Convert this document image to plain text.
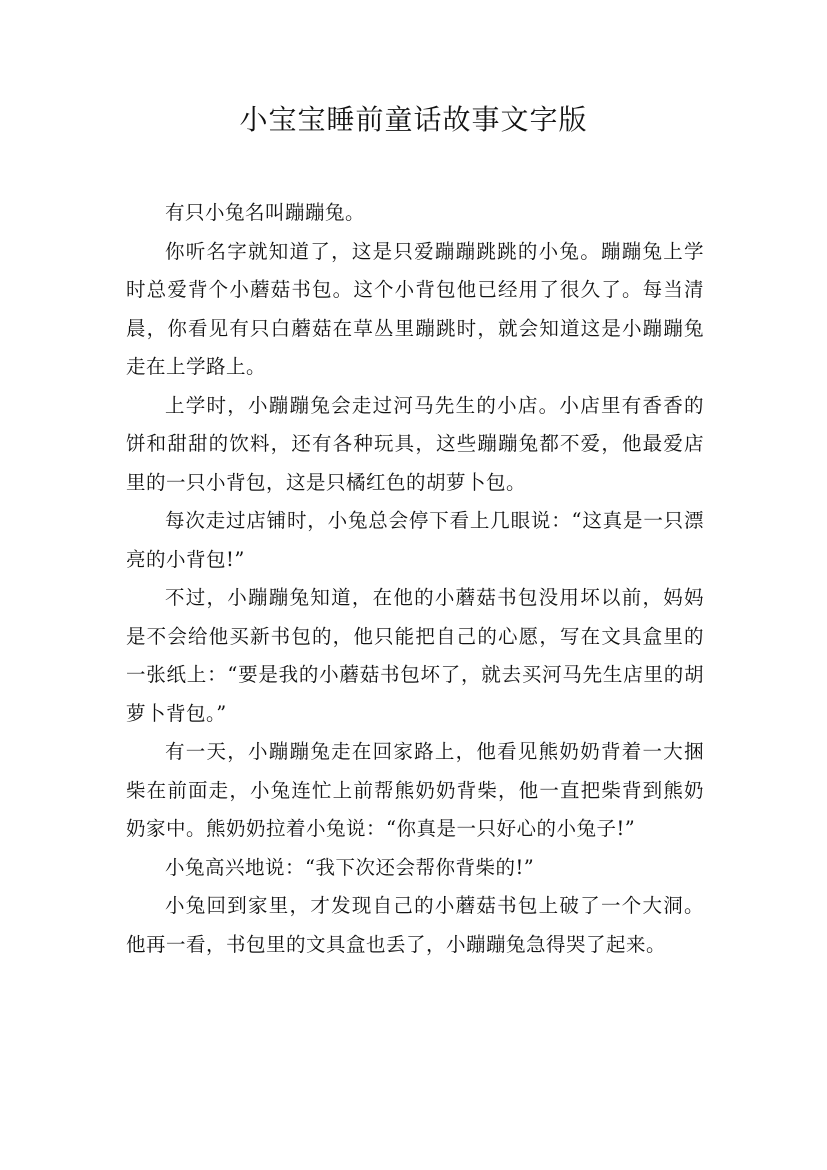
小宝宝睡前童话故事文字版

有只小兔名叫蹦蹦兔。

你听名字就知道了，这是只爱蹦蹦跳跳的小兔。蹦蹦兔上学时总爱背个小蘑菇书包。这个小背包他已经用了很久了。每当清晨，你看见有只白蘑菇在草丛里蹦跳时，就会知道这是小蹦蹦兔走在上学路上。

上学时，小蹦蹦兔会走过河马先生的小店。小店里有香香的饼和甜甜的饮料，还有各种玩具，这些蹦蹦兔都不爱，他最爱店里的一只小背包，这是只橘红色的胡萝卜包。

每次走过店铺时，小兔总会停下看上几眼说：“这真是一只漂亮的小背包!”

不过，小蹦蹦兔知道，在他的小蘑菇书包没用坏以前，妈妈是不会给他买新书包的，他只能把自己的心愿，写在文具盒里的一张纸上：“要是我的小蘑菇书包坏了，就去买河马先生店里的胡萝卜背包。”

有一天，小蹦蹦兔走在回家路上，他看见熊奶奶背着一大捆柴在前面走，小兔连忙上前帮熊奶奶背柴，他一直把柴背到熊奶奶家中。熊奶奶拉着小兔说：“你真是一只好心的小兔子!”

小兔高兴地说：“我下次还会帮你背柴的!”

小兔回到家里，才发现自己的小蘑菇书包上破了一个大洞。他再一看，书包里的文具盒也丢了，小蹦蹦兔急得哭了起来。
